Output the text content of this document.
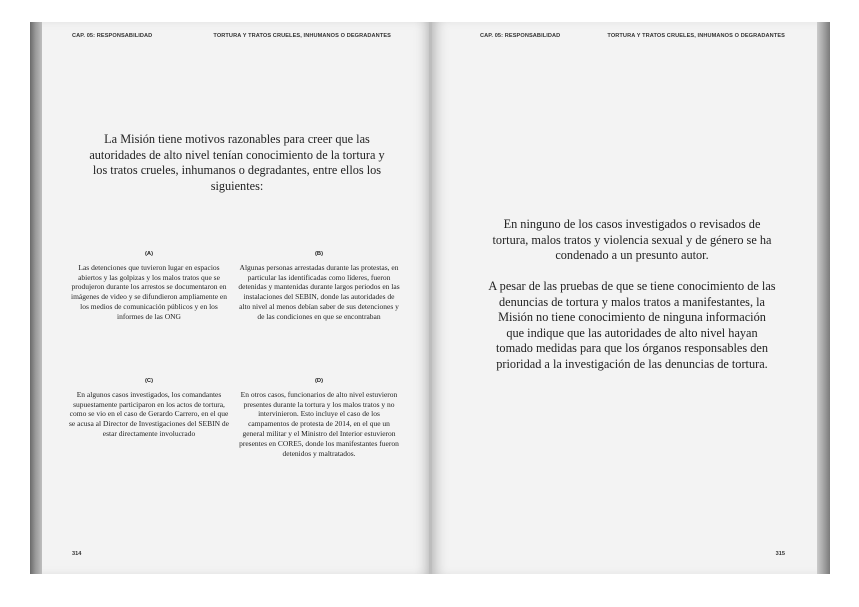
CAP. 05: RESPONSABILIDAD	TORTURA Y TRATOS CRUELES, INHUMANOS O DEGRADANTES
La Misión tiene motivos razonables para creer que las autoridades de alto nivel tenían conocimiento de la tortura y los tratos crueles, inhumanos o degradantes, entre ellos los siguientes:
(A)
Las detenciones que tuvieron lugar en espacios abiertos y las golpizas y los malos tratos que se produjeron durante los arrestos se documentaron en imágenes de video y se difundieron ampliamente en los medios de comunicación públicos y en los informes de las ONG
(B)
Algunas personas arrestadas durante las protestas, en particular las identificadas como líderes, fueron detenidas y mantenidas durante largos periodos en las instalaciones del SEBIN, donde las autoridades de alto nivel al menos debían saber de sus detenciones y de las condiciones en que se encontraban
(C)
En algunos casos investigados, los comandantes supuestamente participaron en los actos de tortura, como se vio en el caso de Gerardo Carrero, en el que se acusa al Director de Investigaciones del SEBIN de estar directamente involucrado
(D)
En otros casos, funcionarios de alto nivel estuvieron presentes durante la tortura y los malos tratos y no intervinieron. Esto incluye el caso de los campamentos de protesta de 2014, en el que un general militar y el Ministro del Interior estuvieron presentes en CORE5, donde los manifestantes fueron detenidos y maltratados.
314
CAP. 05: RESPONSABILIDAD	TORTURA Y TRATOS CRUELES, INHUMANOS O DEGRADANTES
En ninguno de los casos investigados o revisados de tortura, malos tratos y violencia sexual y de género se ha condenado a un presunto autor.
A pesar de las pruebas de que se tiene conocimiento de las denuncias de tortura y malos tratos a manifestantes, la Misión no tiene conocimiento de ninguna información que indique que las autoridades de alto nivel hayan tomado medidas para que los órganos responsables den prioridad a la investigación de las denuncias de tortura.
315
